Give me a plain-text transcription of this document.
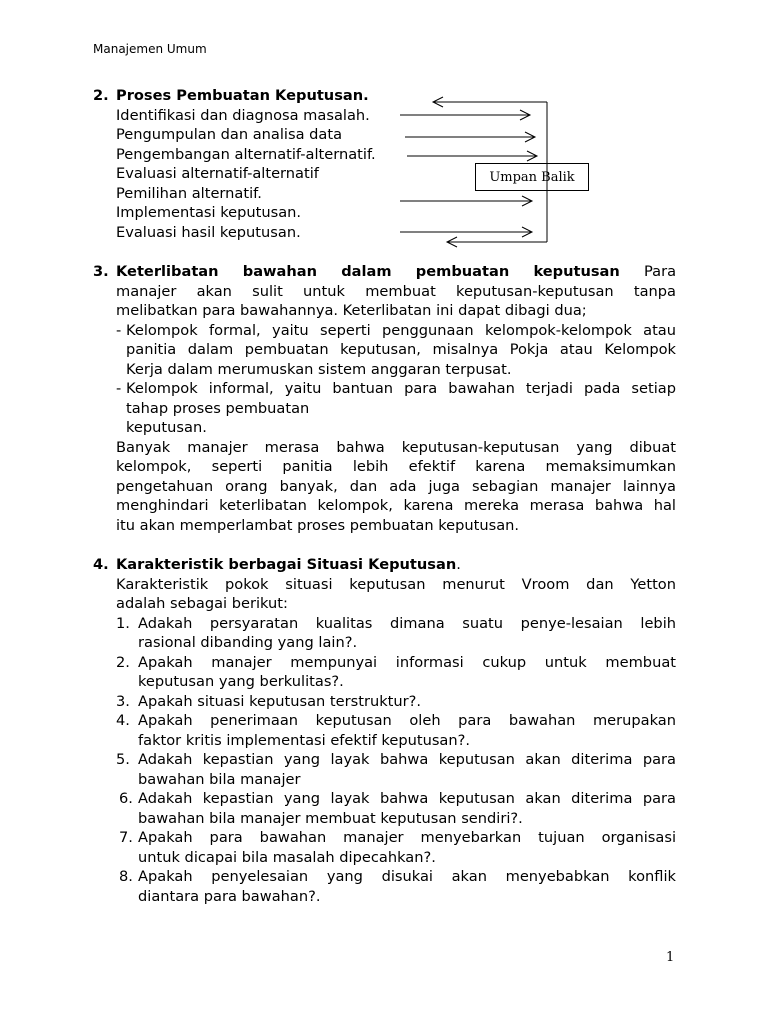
Manajemen Umum
2. Proses Pembuatan Keputusan.
Identifikasi dan diagnosa masalah.
Pengumpulan dan analisa data
Pengembangan alternatif-alternatif.
Evaluasi alternatif-alternatif
Pemilihan alternatif.
Implementasi keputusan.
Evaluasi hasil keputusan.
Umpan Balik
3. Keterlibatan bawahan dalam pembuatan keputusan Para
manajer akan sulit untuk membuat keputusan-keputusan tanpa
melibatkan para bawahannya. Keterlibatan ini dapat dibagi dua;
- Kelompok formal, yaitu seperti penggunaan kelompok-kelompok atau
panitia dalam pembuatan keputusan, misalnya Pokja atau Kelompok
Kerja dalam merumuskan sistem anggaran terpusat.
- Kelompok informal, yaitu bantuan para bawahan terjadi pada setiap
tahap proses pembuatan
keputusan.
Banyak manajer merasa bahwa keputusan-keputusan yang dibuat
kelompok, seperti panitia lebih efektif karena memaksimumkan
pengetahuan orang banyak, dan ada juga sebagian manajer lainnya
menghindari keterlibatan kelompok, karena mereka merasa bahwa hal
itu akan memperlambat proses pembuatan keputusan.
4. Karakteristik berbagai Situasi Keputusan.
Karakteristik pokok situasi keputusan menurut Vroom dan Yetton
adalah sebagai berikut:
1. Adakah persyaratan kualitas dimana suatu penye-lesaian lebih
rasional dibanding yang lain?.
2. Apakah manajer mempunyai informasi cukup untuk membuat
keputusan yang berkulitas?.
3. Apakah situasi keputusan terstruktur?.
4. Apakah penerimaan keputusan oleh para bawahan merupakan
faktor kritis implementasi efektif keputusan?.
5. Adakah kepastian yang layak bahwa keputusan akan diterima para
bawahan bila manajer
6. Adakah kepastian yang layak bahwa keputusan akan diterima para
bawahan bila manajer membuat keputusan sendiri?.
7. Apakah para bawahan manajer menyebarkan tujuan organisasi
untuk dicapai bila masalah dipecahkan?.
8. Apakah penyelesaian yang disukai akan menyebabkan konflik
diantara para bawahan?.
1
